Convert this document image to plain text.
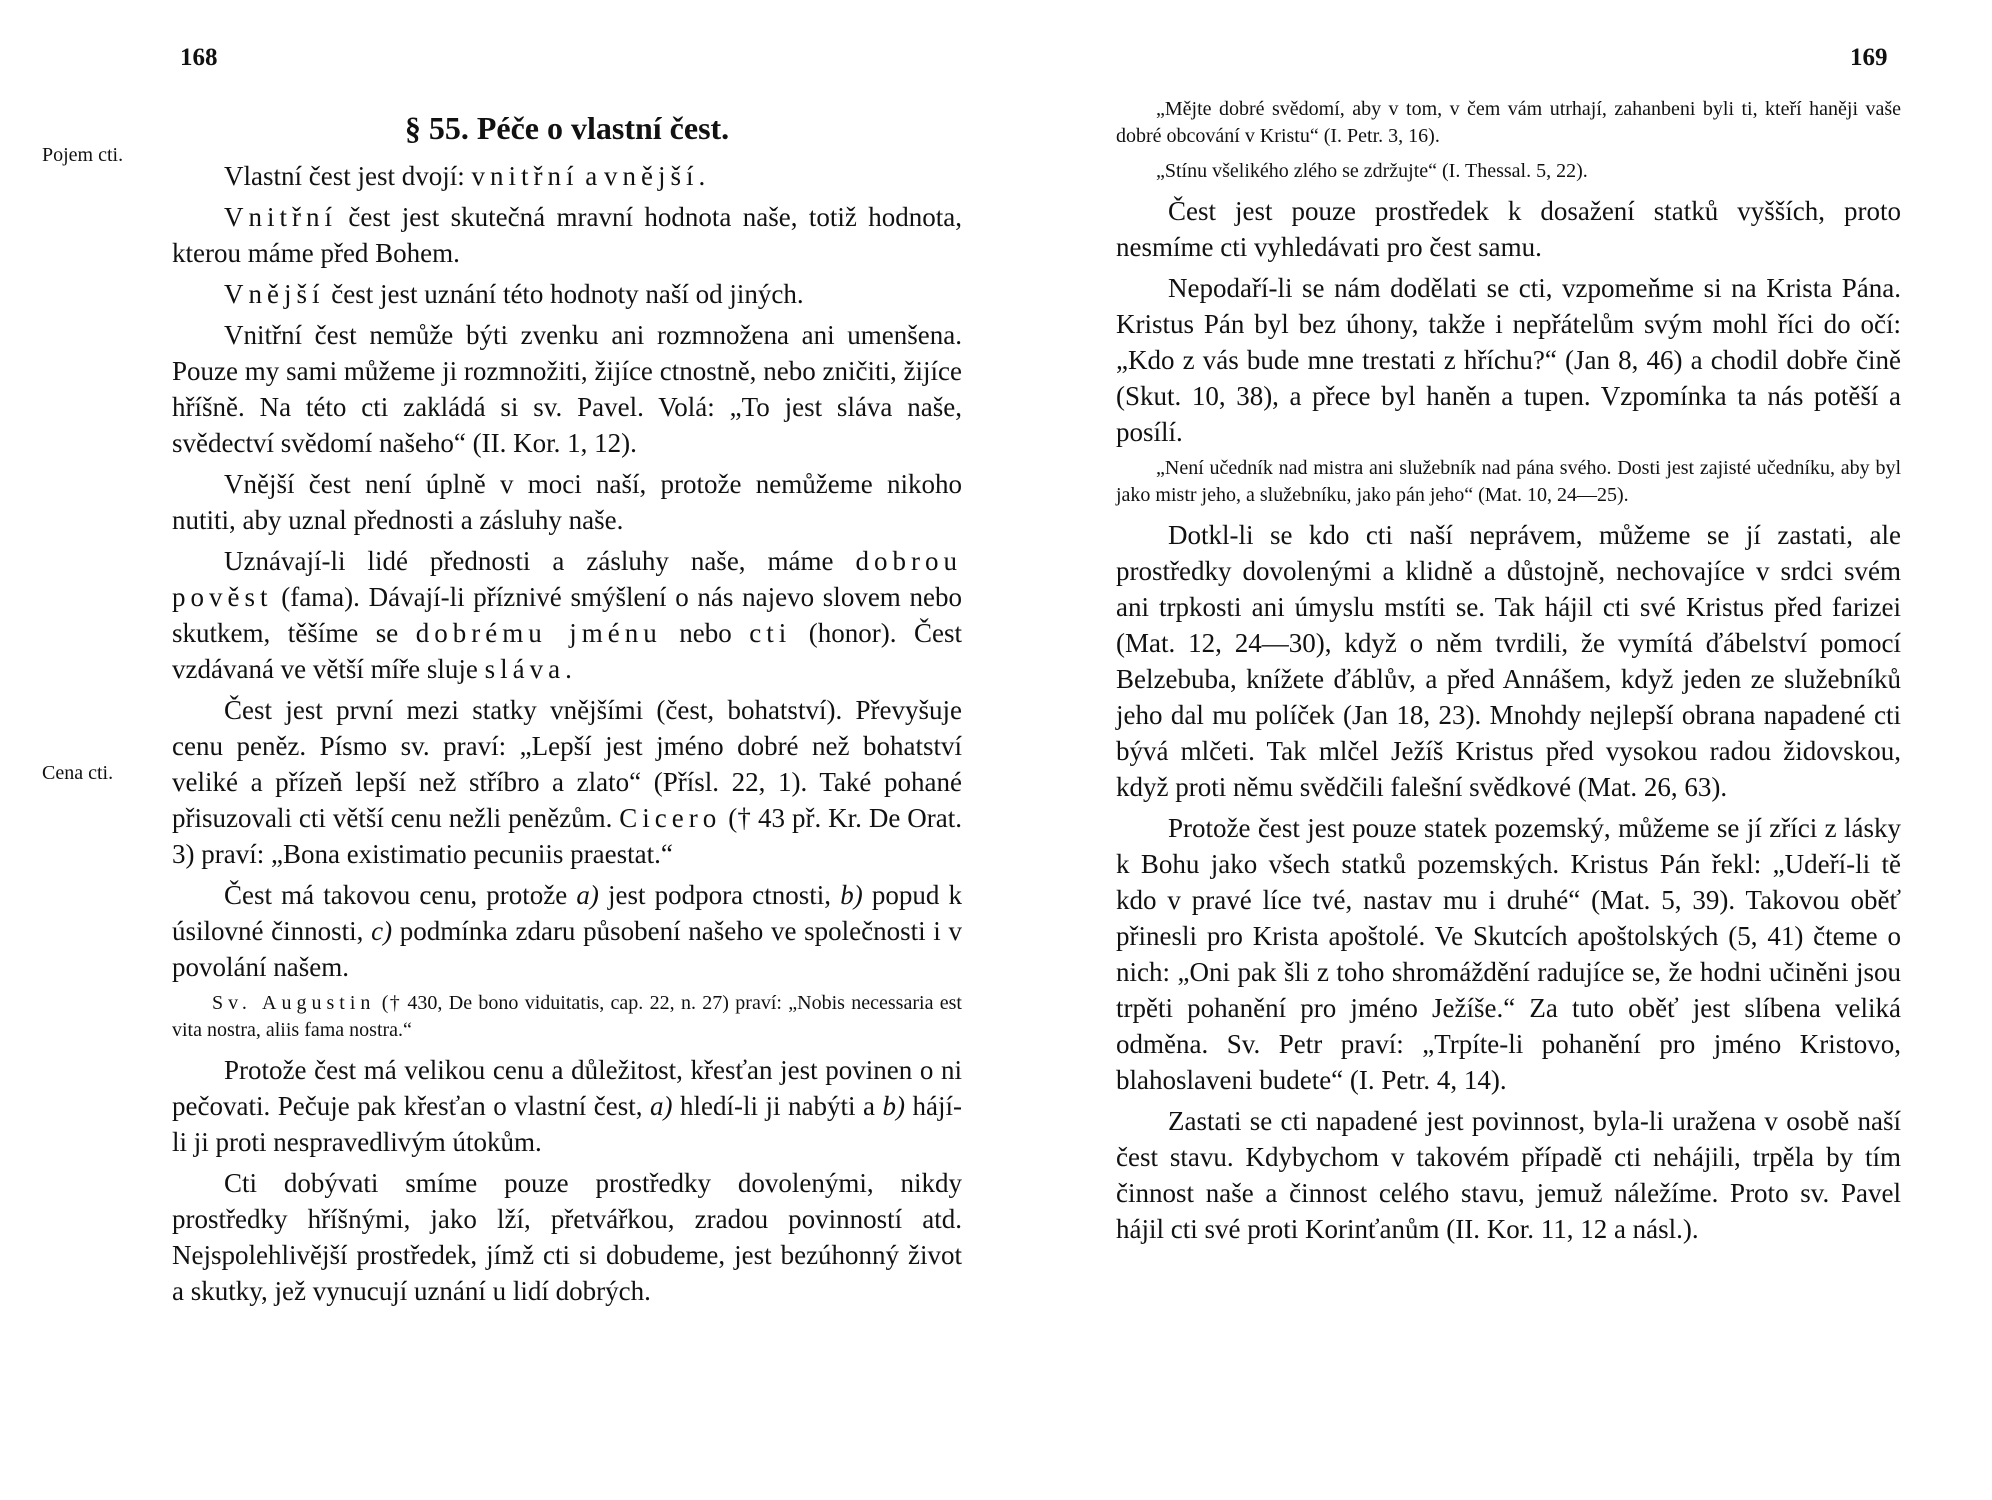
168
Pojem cti.
Cena cti.
§ 55. Péče o vlastní čest.

Vlastní čest jest dvojí: vnitřní a vnější.

Vnitřní čest jest skutečná mravní hodnota naše, totiž hodnota, kterou máme před Bohem.

Vnější čest jest uznání této hodnoty naší od jiných.

Vnitřní čest nemůže býti zvenku ani rozmnožena ani umenšena. Pouze my sami můžeme ji rozmnožiti, žijíce ctnostně, nebo zničiti, žijíce hříšně. Na této cti zakládá si sv. Pavel. Volá: „To jest sláva naše, svědectví svědomí našeho“ (II. Kor. 1, 12).

Vnější čest není úplně v moci naší, protože nemůžeme nikoho nutiti, aby uznal přednosti a zásluhy naše.

Uznávají-li lidé přednosti a zásluhy naše, máme dobrou pověst (fama). Dávají-li příznivé smýšlení o nás najevo slovem nebo skutkem, těšíme se dobrému jménu nebo cti (honor). Čest vzdávaná ve větší míře sluje sláva.

Čest jest první mezi statky vnějšími (čest, bohatství). Převyšuje cenu peněz. Písmo sv. praví: „Lepší jest jméno dobré než bohatství veliké a přízeň lepší než stříbro a zlato“ (Přísl. 22, 1). Také pohané přisuzovali cti větší cenu nežli penězům. Cicero († 43 př. Kr. De Orat. 3) praví: „Bona existimatio pecuniis praestat.“

Čest má takovou cenu, protože a) jest podpora ctnosti, b) popud k úsilovné činnosti, c) podmínka zdaru působení našeho ve společnosti i v povolání našem.

Sv. Augustin († 430, De bono viduitatis, cap. 22, n. 27) praví: „Nobis necessaria est vita nostra, aliis fama nostra.“

Protože čest má velikou cenu a důležitost, křesťan jest povinen o ni pečovati. Pečuje pak křesťan o vlastní čest, a) hledí-li ji nabýti a b) hájí-li ji proti nespravedlivým útokům.

Cti dobývati smíme pouze prostředky dovolenými, nikdy prostředky hříšnými, jako lží, přetvářkou, zradou povinností atd. Nejspolehlivější prostředek, jímž cti si dobudeme, jest bezúhonný život a skutky, jež vynucují uznání u lidí dobrých.

169

„Mějte dobré svědomí, aby v tom, v čem vám utrhají, zahanbeni byli ti, kteří haněji vaše dobré obcování v Kristu“ (I. Petr. 3, 16).

„Stínu všelikého zlého se zdržujte“ (I. Thessal. 5, 22).

Čest jest pouze prostředek k dosažení statků vyšších, proto nesmíme cti vyhledávati pro čest samu.

Nepodaří-li se nám dodělati se cti, vzpomeňme si na Krista Pána. Kristus Pán byl bez úhony, takže i nepřátelům svým mohl říci do očí: „Kdo z vás bude mne trestati z hříchu?“ (Jan 8, 46) a chodil dobře čině (Skut. 10, 38), a přece byl haněn a tupen. Vzpomínka ta nás potěší a posílí.

„Není učedník nad mistra ani služebník nad pána svého. Dosti jest zajisté učedníku, aby byl jako mistr jeho, a služebníku, jako pán jeho“ (Mat. 10, 24—25).

Dotkl-li se kdo cti naší neprávem, můžeme se jí zastati, ale prostředky dovolenými a klidně a důstojně, nechovajíce v srdci svém ani trpkosti ani úmyslu mstíti se. Tak hájil cti své Kristus před farizei (Mat. 12, 24—30), když o něm tvrdili, že vymítá ďábelství pomocí Belzebuba, knížete ďáblův, a před Annášem, když jeden ze služebníků jeho dal mu políček (Jan 18, 23). Mnohdy nejlepší obrana napadené cti bývá mlčeti. Tak mlčel Ježíš Kristus před vysokou radou židovskou, když proti němu svědčili falešní svědkové (Mat. 26, 63).

Protože čest jest pouze statek pozemský, můžeme se jí zříci z lásky k Bohu jako všech statků pozemských. Kristus Pán řekl: „Udeří-li tě kdo v pravé líce tvé, nastav mu i druhé“ (Mat. 5, 39). Takovou oběť přinesli pro Krista apoštolé. Ve Skutcích apoštolských (5, 41) čteme o nich: „Oni pak šli z toho shromáždění radujíce se, že hodni učiněni jsou trpěti pohanění pro jméno Ježíše.“ Za tuto oběť jest slíbena veliká odměna. Sv. Petr praví: „Trpíte-li pohanění pro jméno Kristovo, blahoslaveni budete“ (I. Petr. 4, 14).

Zastati se cti napadené jest povinnost, byla-li uražena v osobě naší čest stavu. Kdybychom v takovém případě cti nehájili, trpěla by tím činnost naše a činnost celého stavu, jemuž náležíme. Proto sv. Pavel hájil cti své proti Korinťanům (II. Kor. 11, 12 a násl.).
